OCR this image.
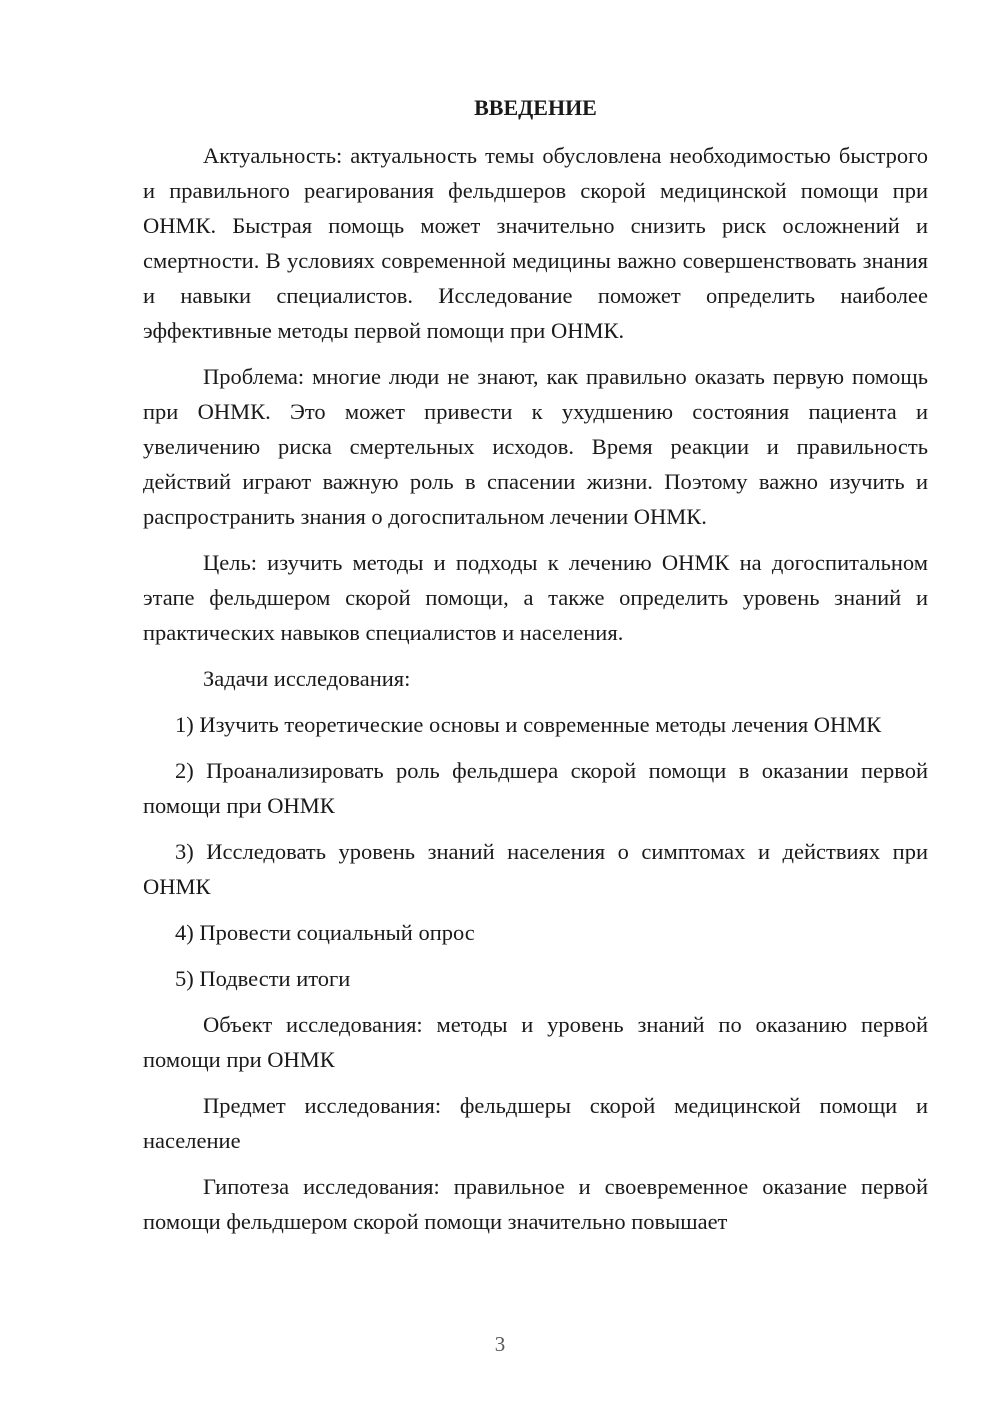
ВВЕДЕНИЕ

Актуальность: актуальность темы обусловлена необходимостью быстрого и правильного реагирования фельдшеров скорой медицинской помощи при ОНМК. Быстрая помощь может значительно снизить риск осложнений и смертности. В условиях современной медицины важно совершенствовать знания и навыки специалистов. Исследование поможет определить наиболее эффективные методы первой помощи при ОНМК.

Проблема: многие люди не знают, как правильно оказать первую помощь при ОНМК. Это может привести к ухудшению состояния пациента и увеличению риска смертельных исходов. Время реакции и правильность действий играют важную роль в спасении жизни. Поэтому важно изучить и распространить знания о догоспитальном лечении ОНМК.

Цель: изучить методы и подходы к лечению ОНМК на догоспитальном этапе фельдшером скорой помощи, а также определить уровень знаний и практических навыков специалистов и населения.

Задачи исследования:

1) Изучить теоретические основы и современные методы лечения ОНМК

2) Проанализировать роль фельдшера скорой помощи в оказании первой помощи при ОНМК

3) Исследовать уровень знаний населения о симптомах и действиях при ОНМК

4) Провести социальный опрос

5) Подвести итоги

Объект исследования: методы и уровень знаний по оказанию первой помощи при ОНМК

Предмет исследования: фельдшеры скорой медицинской помощи и население

Гипотеза исследования: правильное и своевременное оказание первой помощи фельдшером скорой помощи значительно повышает

3
